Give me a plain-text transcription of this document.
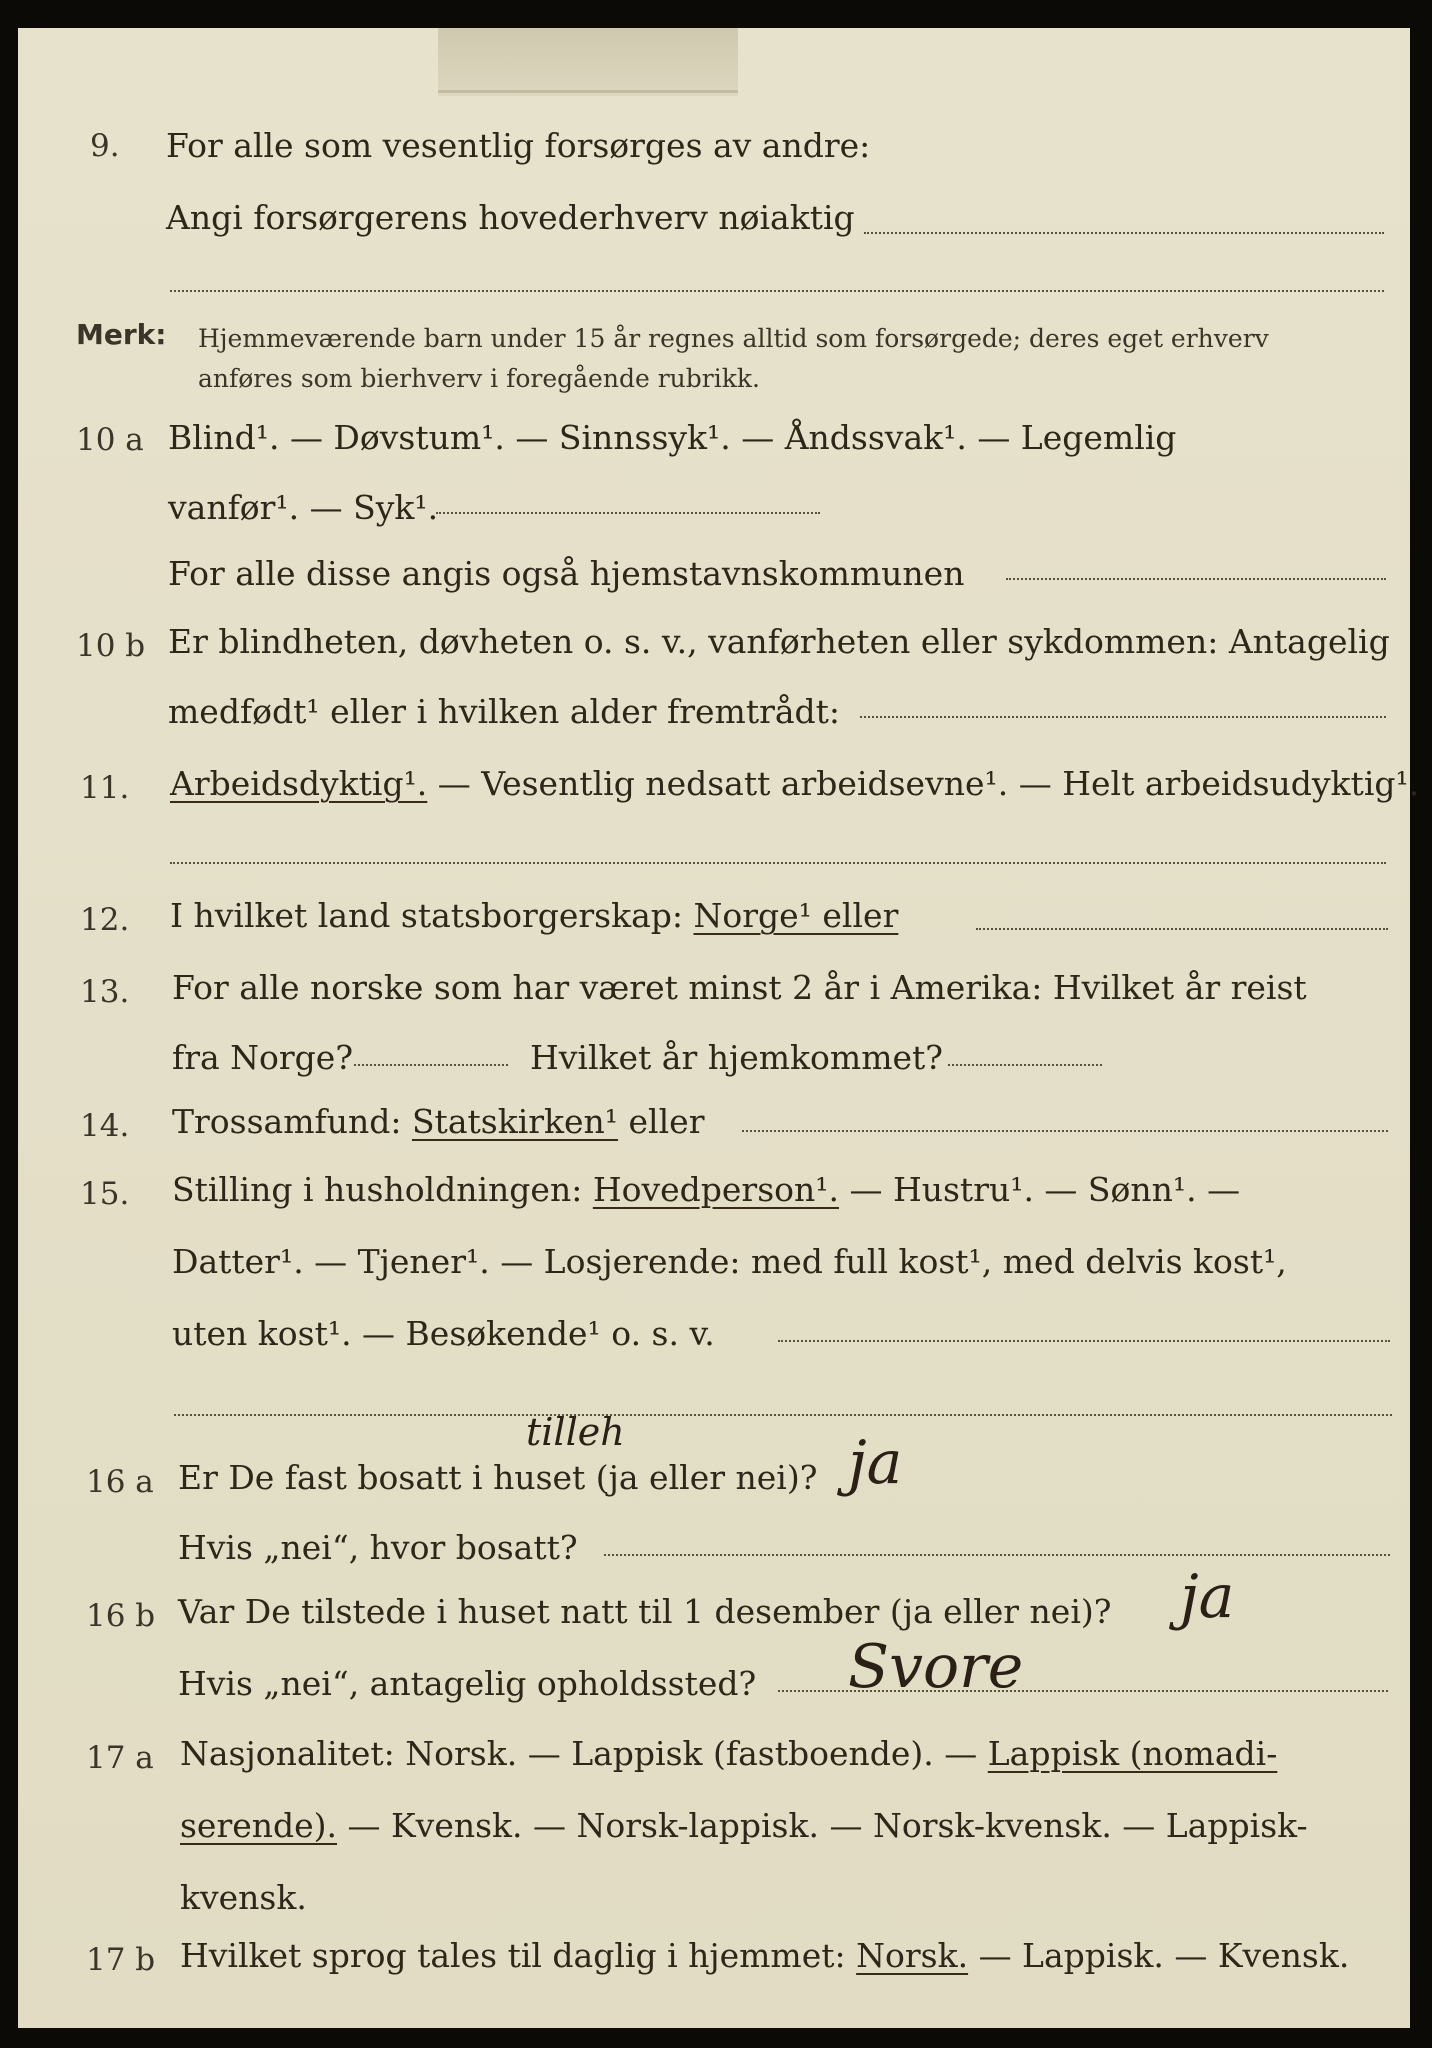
9. For alle som vesentlig forsørges av andre:
Angi forsørgerens hovederhverv nøiaktig
Merk: Hjemmeværende barn under 15 år regnes alltid som forsørgede; deres eget erhverv
anføres som bierhverv i foregående rubrikk.
10 a Blind¹. — Døvstum¹. — Sinnssyk¹. — Åndssvak¹. — Legemlig
vanfør¹. — Syk¹.
For alle disse angis også hjemstavnskommunen
10 b Er blindheten, døvheten o. s. v., vanførheten eller sykdommen: Antagelig
medfødt¹ eller i hvilken alder fremtrådt:
11. Arbeidsdyktig¹. — Vesentlig nedsatt arbeidsevne¹. — Helt arbeidsudyktig¹.
12. I hvilket land statsborgerskap: Norge¹ eller
13. For alle norske som har været minst 2 år i Amerika: Hvilket år reist
fra Norge?	Hvilket år hjemkommet?
14. Trossamfund: Statskirken¹ eller
15. Stilling i husholdningen: Hovedperson¹. — Hustru¹. — Sønn¹. —
Datter¹. — Tjener¹. — Losjerende: med full kost¹, med delvis kost¹,
uten kost¹. — Besøkende¹ o. s. v.
16 a Er De fast bosatt i huset (ja eller nei)?
tilleh	ja
Hvis „nei“, hvor bosatt?
16 b Var De tilstede i huset natt til 1 desember (ja eller nei)? ja
Hvis „nei“, antagelig opholdssted? Svore
17 a Nasjonalitet: Norsk. — Lappisk (fastboende). — Lappisk (nomadi-
serende). — Kvensk. — Norsk-lappisk. — Norsk-kvensk. — Lappisk-
kvensk.
17 b Hvilket sprog tales til daglig i hjemmet: Norsk. — Lappisk. — Kvensk.
